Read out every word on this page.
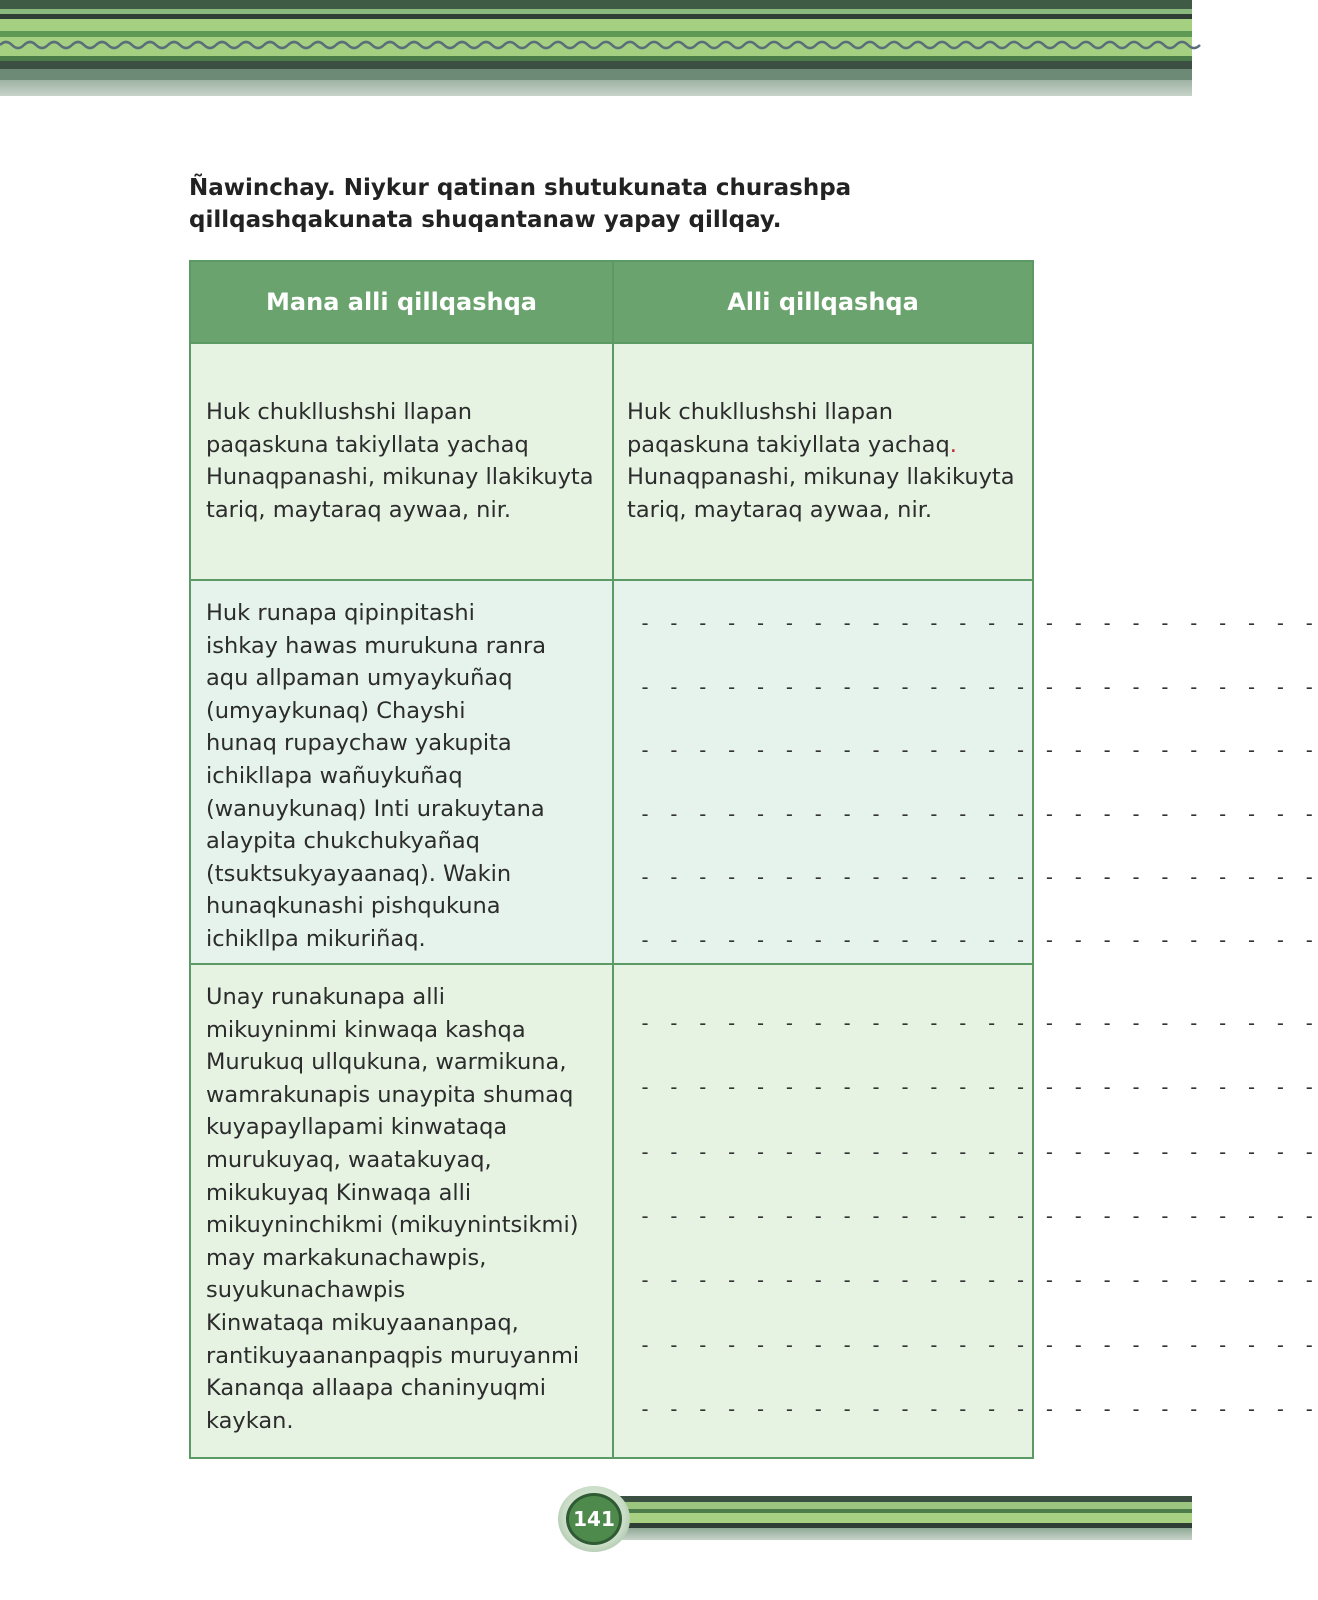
Ñawinchay. Niykur qatinan shutukunata churashpa
qillqashqakunata shuqantanaw yapay qillqay.
Mana alli qillqashqa	Alli qillqashqa

Huk chukllushshi llapan
paqaskuna takiyllata yachaq
Hunaqpanashi, mikunay llakikuyta
tariq, maytaraq aywaa, nir.

Huk chukllushshi llapan
paqaskuna takiyllata yachaq.
Hunaqpanashi, mikunay llakikuyta
tariq, maytaraq aywaa, nir.

Huk runapa qipinpitashi
ishkay hawas murukuna ranra
aqu allpaman umyaykuñaq
(umyaykunaq) Chayshi
hunaq rupaychaw yakupita
ichikllapa wañuykuñaq
(wanuykunaq) Inti urakuytana
alaypita chukchukyañaq
(tsuktsukyayaanaq). Wakin
hunaqkunashi pishqukuna
ichikllpa mikuriñaq.

- - - - - - - - - - - - - - - - - - - - - - - -
- - - - - - - - - - - - - - - - - - - - - - - -
- - - - - - - - - - - - - - - - - - - - - - - -
- - - - - - - - - - - - - - - - - - - - - - - -
- - - - - - - - - - - - - - - - - - - - - - - -
- - - - - - - - - - - - - - - - - - - - - - - -

Unay runakunapa alli
mikuyninmi kinwaqa kashqa
Murukuq ullqukuna, warmikuna,
wamrakunapis unaypita shumaq
kuyapayllapami kinwataqa
murukuyaq, waatakuyaq,
mikukuyaq Kinwaqa alli
mikuyninchikmi (mikuynintsikmi)
may markakunachawpis,
suyukunachawpis
Kinwataqa mikuyaananpaq,
rantikuyaananpaqpis muruyanmi
Kananqa allaapa chaninyuqmi
kaykan.

- - - - - - - - - - - - - - - - - - - - - - - -
- - - - - - - - - - - - - - - - - - - - - - - -
- - - - - - - - - - - - - - - - - - - - - - - -
- - - - - - - - - - - - - - - - - - - - - - - -
- - - - - - - - - - - - - - - - - - - - - - - -
- - - - - - - - - - - - - - - - - - - - - - - -
- - - - - - - - - - - - - - - - - - - - - - - -
141
